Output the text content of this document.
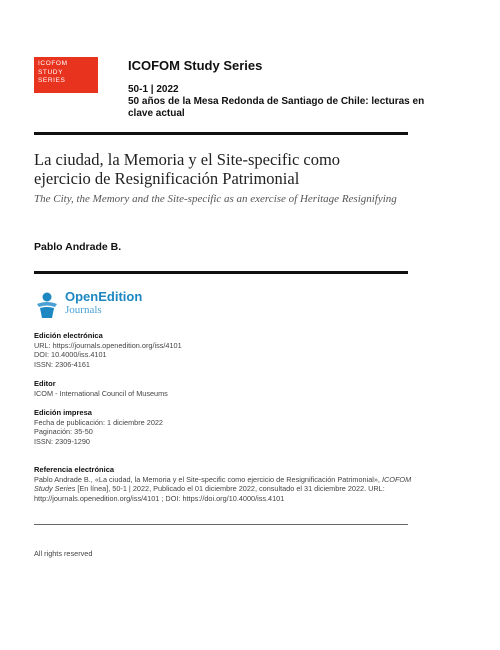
ICOFOM
STUDY
SERIES
ICOFOM Study Series
50-1 | 2022
50 años de la Mesa Redonda de Santiago de Chile: lecturas en clave actual
La ciudad, la Memoria y el Site-specific como ejercicio de Resignificación Patrimonial
The City, the Memory and the Site-specific as an exercise of Heritage Resignifying
Pablo Andrade B.
OpenEdition
Journals
Edición electrónica
URL: https://journals.openedition.org/iss/4101
DOI: 10.4000/iss.4101
ISSN: 2306-4161
Editor
ICOM - International Council of Museums
Edición impresa
Fecha de publicación: 1 diciembre 2022
Paginación: 35-50
ISSN: 2309-1290
Referencia electrónica
Pablo Andrade B., «La ciudad, la Memoria y el Site-specific como ejercicio de Resignificación Patrimonial», ICOFOM Study Series [En línea], 50-1 | 2022, Publicado el 01 diciembre 2022, consultado el 31 diciembre 2022. URL: http://journals.openedition.org/iss/4101 ; DOI: https://doi.org/10.4000/iss.4101
All rights reserved
